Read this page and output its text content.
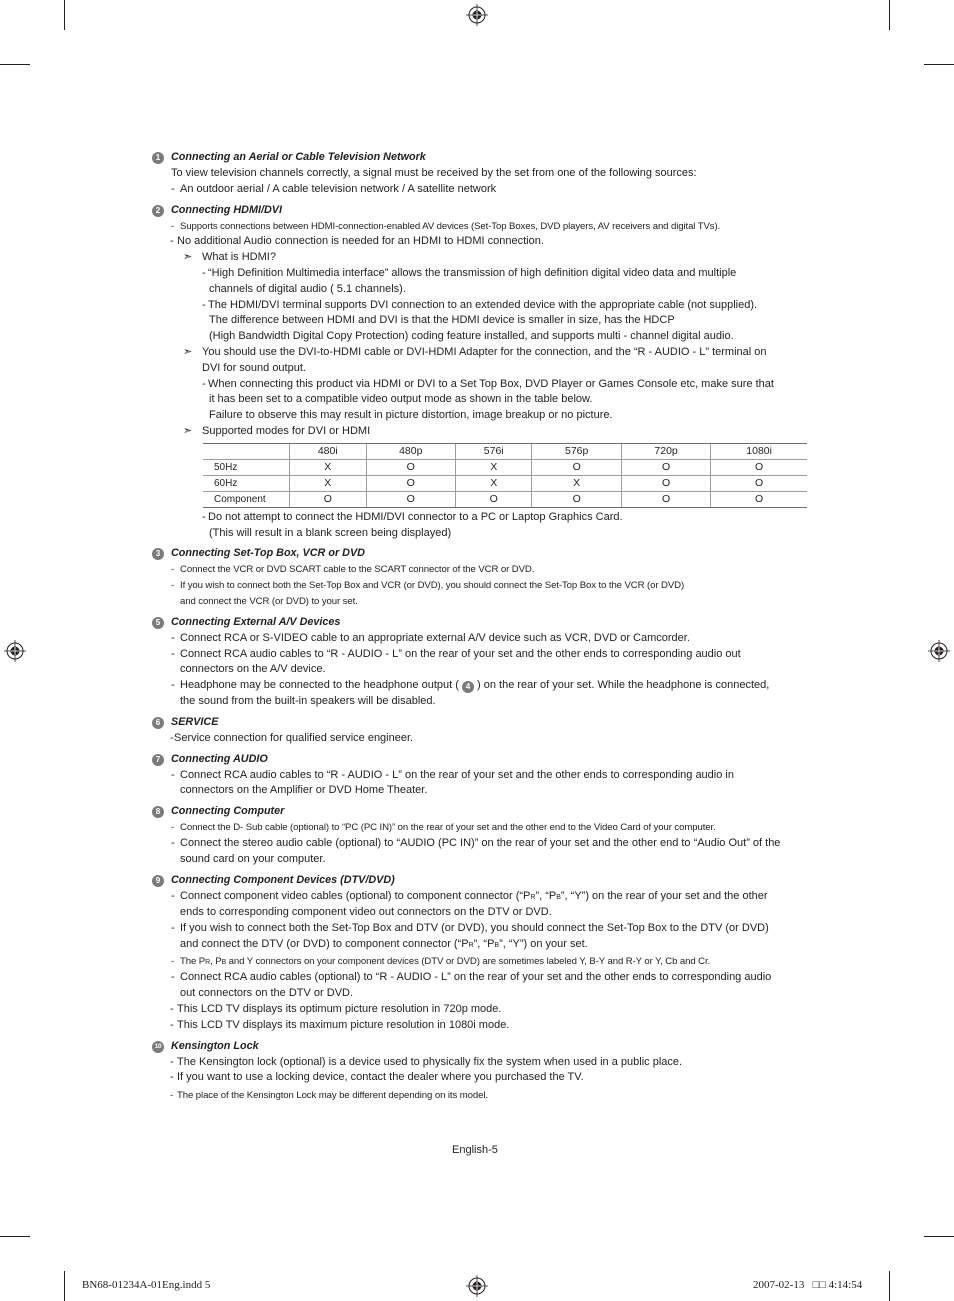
1 Connecting an Aerial or Cable Television Network
To view television channels correctly, a signal must be received by the set from one of the following sources:
- An outdoor aerial / A cable television network / A satellite network
2 Connecting HDMI/DVI
- Supports connections between HDMI-connection-enabled AV devices (Set-Top Boxes, DVD players, AV receivers and digital TVs).
- No additional Audio connection is needed for an HDMI to HDMI connection.
➣ What is HDMI?
- “High Definition Multimedia interface” allows the transmission of high definition digital video data and multiple
channels of digital audio ( 5.1 channels).
- The HDMI/DVI terminal supports DVI connection to an extended device with the appropriate cable (not supplied).
The difference between HDMI and DVI is that the HDMI device is smaller in size, has the HDCP
(High Bandwidth Digital Copy Protection) coding feature installed, and supports multi - channel digital audio.
➣ You should use the DVI-to-HDMI cable or DVI-HDMI Adapter for the connection, and the “R - AUDIO - L” terminal on
DVI for sound output.
- When connecting this product via HDMI or DVI to a Set Top Box, DVD Player or Games Console etc, make sure that
it has been set to a compatible video output mode as shown in the table below.
Failure to observe this may result in picture distortion, image breakup or no picture.
➣ Supported modes for DVI or HDMI
	480i	480p	576i	576p	720p	1080i
50Hz	X	O	X	O	O	O
60Hz	X	O	X	X	O	O
Component	O	O	O	O	O	O
- Do not attempt to connect the HDMI/DVI connector to a PC or Laptop Graphics Card.
(This will result in a blank screen being displayed)
3 Connecting Set-Top Box, VCR or DVD
- Connect the VCR or DVD SCART cable to the SCART connector of the VCR or DVD.
- If you wish to connect both the Set-Top Box and VCR (or DVD), you should connect the Set-Top Box to the VCR (or DVD)
and connect the VCR (or DVD) to your set.
5 Connecting External A/V Devices
- Connect RCA or S-VIDEO cable to an appropriate external A/V device such as VCR, DVD or Camcorder.
- Connect RCA audio cables to “R - AUDIO - L” on the rear of your set and the other ends to corresponding audio out
connectors on the A/V device.
- Headphone may be connected to the headphone output ( 4 ) on the rear of your set. While the headphone is connected,
the sound from the built-in speakers will be disabled.
6 SERVICE
- Service connection for qualified service engineer.
7 Connecting AUDIO
- Connect RCA audio cables to “R - AUDIO - L” on the rear of your set and the other ends to corresponding audio in
connectors on the Amplifier or DVD Home Theater.
8 Connecting Computer
- Connect the D- Sub cable (optional) to “PC (PC IN)” on the rear of your set and the other end to the Video Card of your computer.
- Connect the stereo audio cable (optional) to “AUDIO (PC IN)” on the rear of your set and the other end to “Audio Out” of the
sound card on your computer.
9 Connecting Component Devices (DTV/DVD)
- Connect component video cables (optional) to component connector (“PR”, “PB”, “Y”) on the rear of your set and the other
ends to corresponding component video out connectors on the DTV or DVD.
- If you wish to connect both the Set-Top Box and DTV (or DVD), you should connect the Set-Top Box to the DTV (or DVD)
and connect the DTV (or DVD) to component connector (“PR”, “PB”, “Y”) on your set.
- The PR, PB and Y connectors on your component devices (DTV or DVD) are sometimes labeled Y, B-Y and R-Y or Y, Cb and Cr.
- Connect RCA audio cables (optional) to “R - AUDIO - L” on the rear of your set and the other ends to corresponding audio
out connectors on the DTV or DVD.
- This LCD TV displays its optimum picture resolution in 720p mode.
- This LCD TV displays its maximum picture resolution in 1080i mode.
10 Kensington Lock
- The Kensington lock (optional) is a device used to physically fix the system when used in a public place.
- If you want to use a locking device, contact the dealer where you purchased the TV.
- The place of the Kensington Lock may be different depending on its model.
English-5
BN68-01234A-01Eng.indd 5	2007-02-13   □□ 4:14:54
